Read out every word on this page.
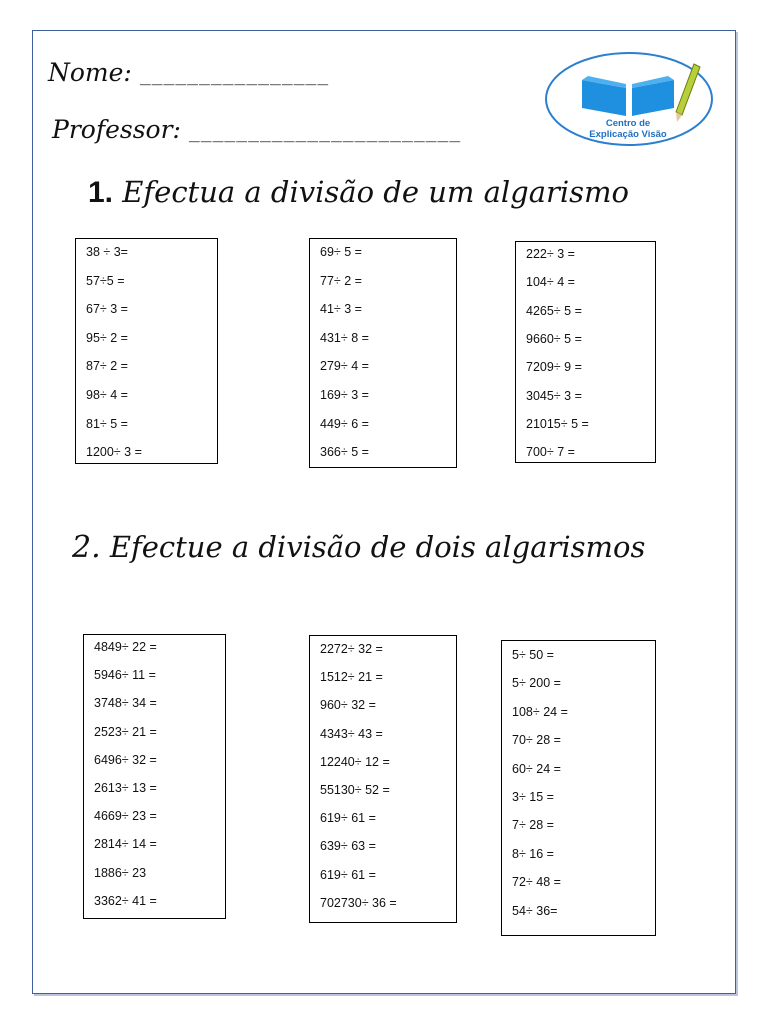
Nome: ________________
Professor: _______________________	Centro de
Explicação Visão
1. Efectua a divisão de um algarismo
38 ÷ 3=
57÷5 =
67÷ 3 =
95÷ 2 =
87÷ 2 =
98÷ 4 =
81÷ 5 =
1200÷ 3 =
69÷ 5 =
77÷ 2 =
41÷ 3 =
431÷ 8 =
279÷ 4 =
169÷ 3 =
449÷ 6 =
366÷ 5 =
222÷ 3 =
104÷ 4 =
4265÷ 5 =
9660÷ 5 =
7209÷ 9 =
3045÷ 3 =
21015÷ 5 =
700÷ 7 =
2. Efectue a divisão de dois algarismos
4849÷ 22 =
5946÷ 11 =
3748÷ 34 =
2523÷ 21 =
6496÷ 32 =
2613÷ 13 =
4669÷ 23 =
2814÷ 14 =
1886÷ 23
3362÷ 41 =
2272÷ 32 =
1512÷ 21 =
960÷ 32 =
4343÷ 43 =
12240÷ 12 =
55130÷ 52 =
619÷ 61 =
639÷ 63 =
619÷ 61 =
702730÷ 36 =
5÷ 50 =
5÷ 200 =
108÷ 24 =
70÷ 28 =
60÷ 24 =
3÷ 15 =
7÷ 28 =
8÷ 16 =
72÷ 48 =
54÷ 36=
